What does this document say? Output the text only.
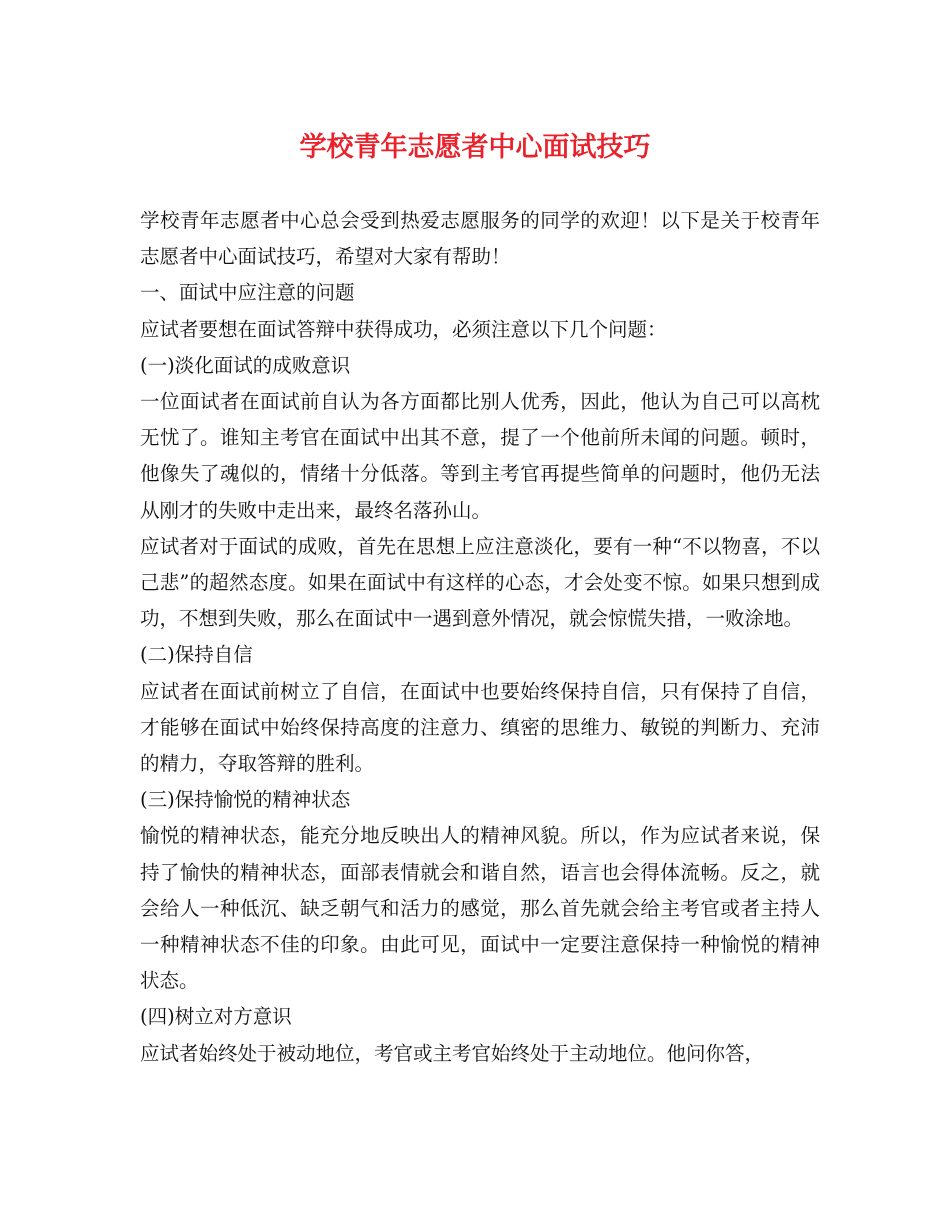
学校青年志愿者中心面试技巧

学校青年志愿者中心总会受到热爱志愿服务的同学的欢迎！以下是关于校青年志愿者中心面试技巧，希望对大家有帮助！

一、面试中应注意的问题

应试者要想在面试答辩中获得成功，必须注意以下几个问题：

(一)淡化面试的成败意识

一位面试者在面试前自认为各方面都比别人优秀，因此，他认为自己可以高枕无忧了。谁知主考官在面试中出其不意，提了一个他前所未闻的问题。顿时，他像失了魂似的，情绪十分低落。等到主考官再提些简单的问题时，他仍无法从刚才的失败中走出来，最终名落孙山。

应试者对于面试的成败，首先在思想上应注意淡化，要有一种“不以物喜，不以己悲”的超然态度。如果在面试中有这样的心态，才会处变不惊。如果只想到成功，不想到失败，那么在面试中一遇到意外情况，就会惊慌失措，一败涂地。

(二)保持自信

应试者在面试前树立了自信，在面试中也要始终保持自信，只有保持了自信，才能够在面试中始终保持高度的注意力、缜密的思维力、敏锐的判断力、充沛的精力，夺取答辩的胜利。

(三)保持愉悦的精神状态

愉悦的精神状态，能充分地反映出人的精神风貌。所以，作为应试者来说，保持了愉快的精神状态，面部表情就会和谐自然，语言也会得体流畅。反之，就会给人一种低沉、缺乏朝气和活力的感觉，那么首先就会给主考官或者主持人一种精神状态不佳的印象。由此可见，面试中一定要注意保持一种愉悦的精神状态。

(四)树立对方意识

应试者始终处于被动地位，考官或主考官始终处于主动地位。他问你答，
